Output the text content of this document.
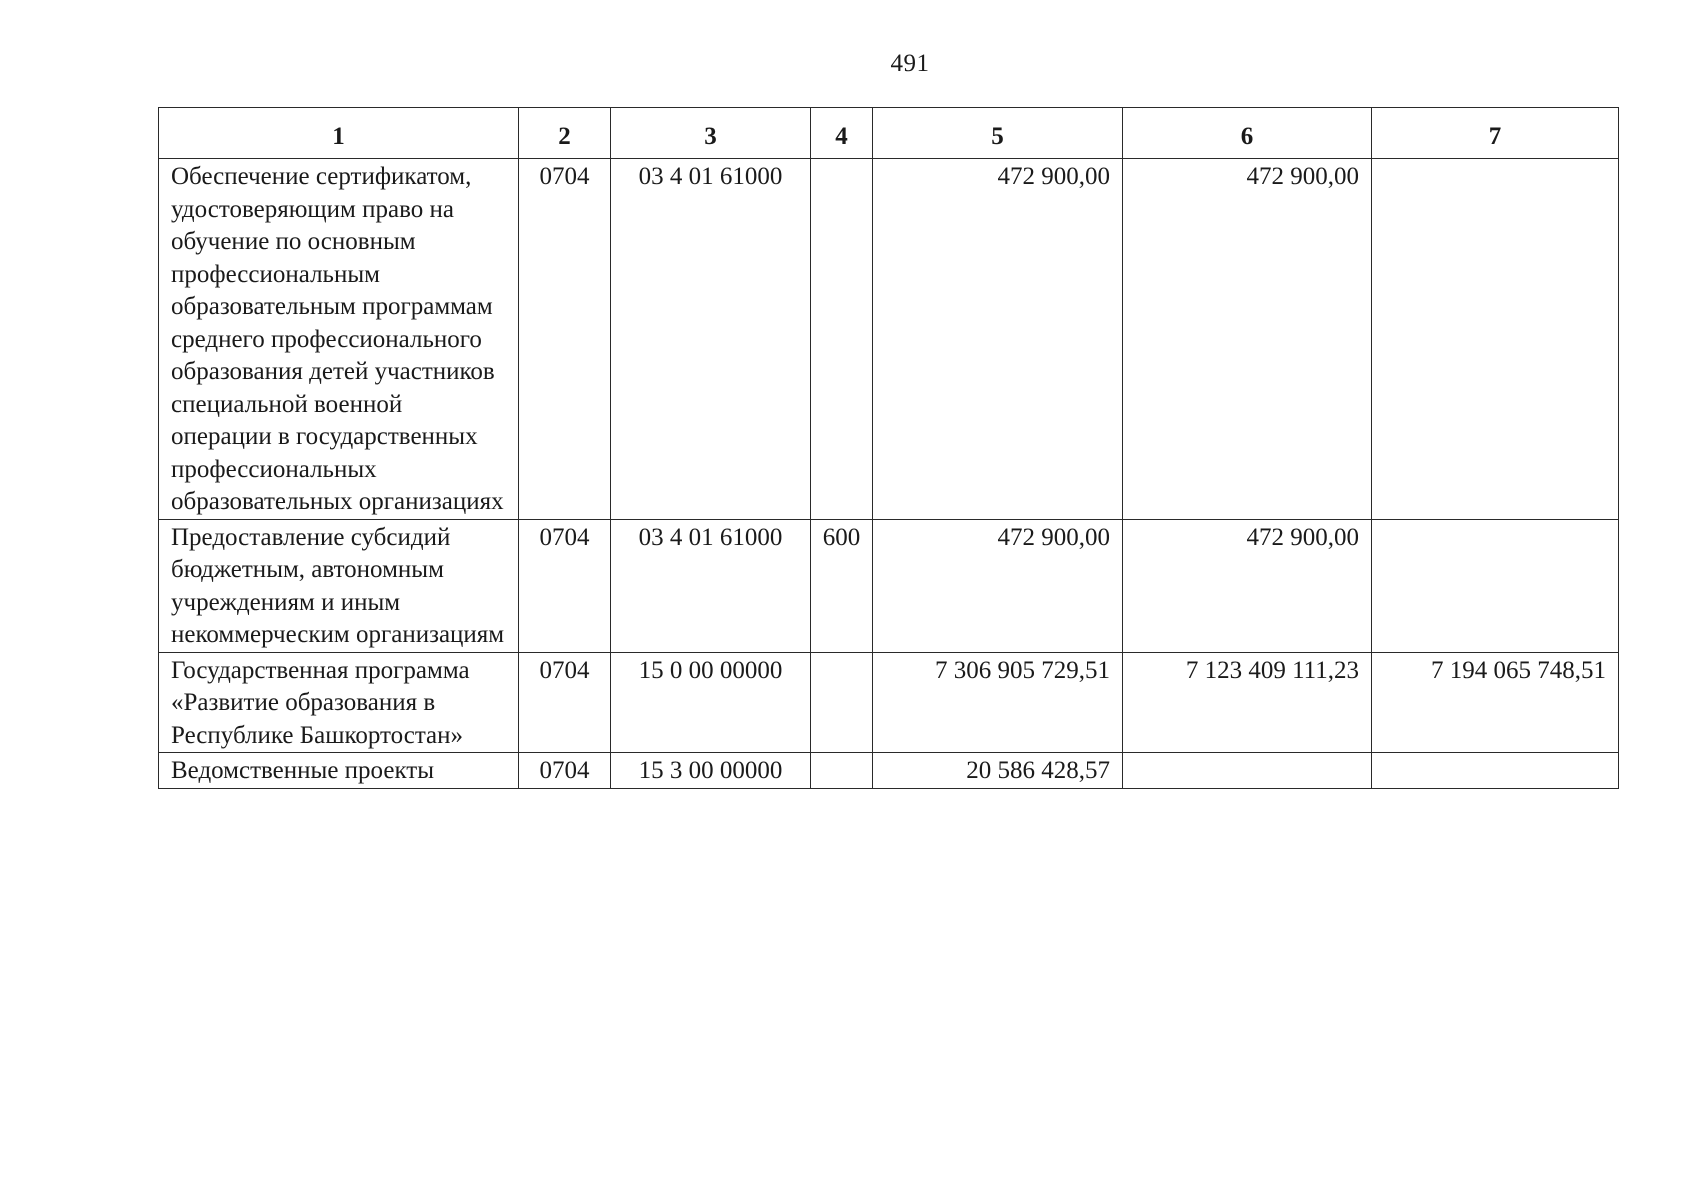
491
1	2	3	4	5	6	7
Обеспечение сертификатом, удостоверяющим право на обучение по основным профессиональным образовательным программам среднего профессионального образования детей участников специальной военной операции в государственных профессиональных образовательных организациях	0704	03 4 01 61000		472 900,00	472 900,00	
Предоставление субсидий бюджетным, автономным учреждениям и иным некоммерческим организациям	0704	03 4 01 61000	600	472 900,00	472 900,00	
Государственная программа «Развитие образования в Республике Башкортостан»	0704	15 0 00 00000		7 306 905 729,51	7 123 409 111,23	7 194 065 748,51
Ведомственные проекты	0704	15 3 00 00000		20 586 428,57		
